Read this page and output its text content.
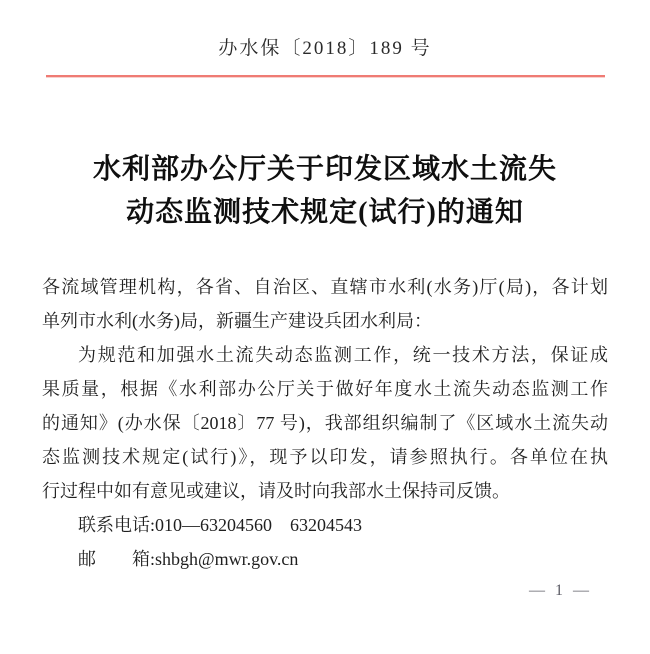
办水保〔2018〕189 号
水利部办公厅关于印发区域水土流失
动态监测技术规定(试行)的通知
各流域管理机构，各省、自治区、直辖市水利(水务)厅(局)，各计划
单列市水利(水务)局，新疆生产建设兵团水利局：
为规范和加强水土流失动态监测工作，统一技术方法，保证成
果质量，根据《水利部办公厅关于做好年度水土流失动态监测工作
的通知》(办水保〔2018〕77 号)，我部组织编制了《区域水土流失动
态监测技术规定(试行)》，现予以印发，请参照执行。各单位在执
行过程中如有意见或建议，请及时向我部水土保持司反馈。
联系电话:010—63204560　63204543
邮　　箱:shbgh@mwr.gov.cn
— 1 —
